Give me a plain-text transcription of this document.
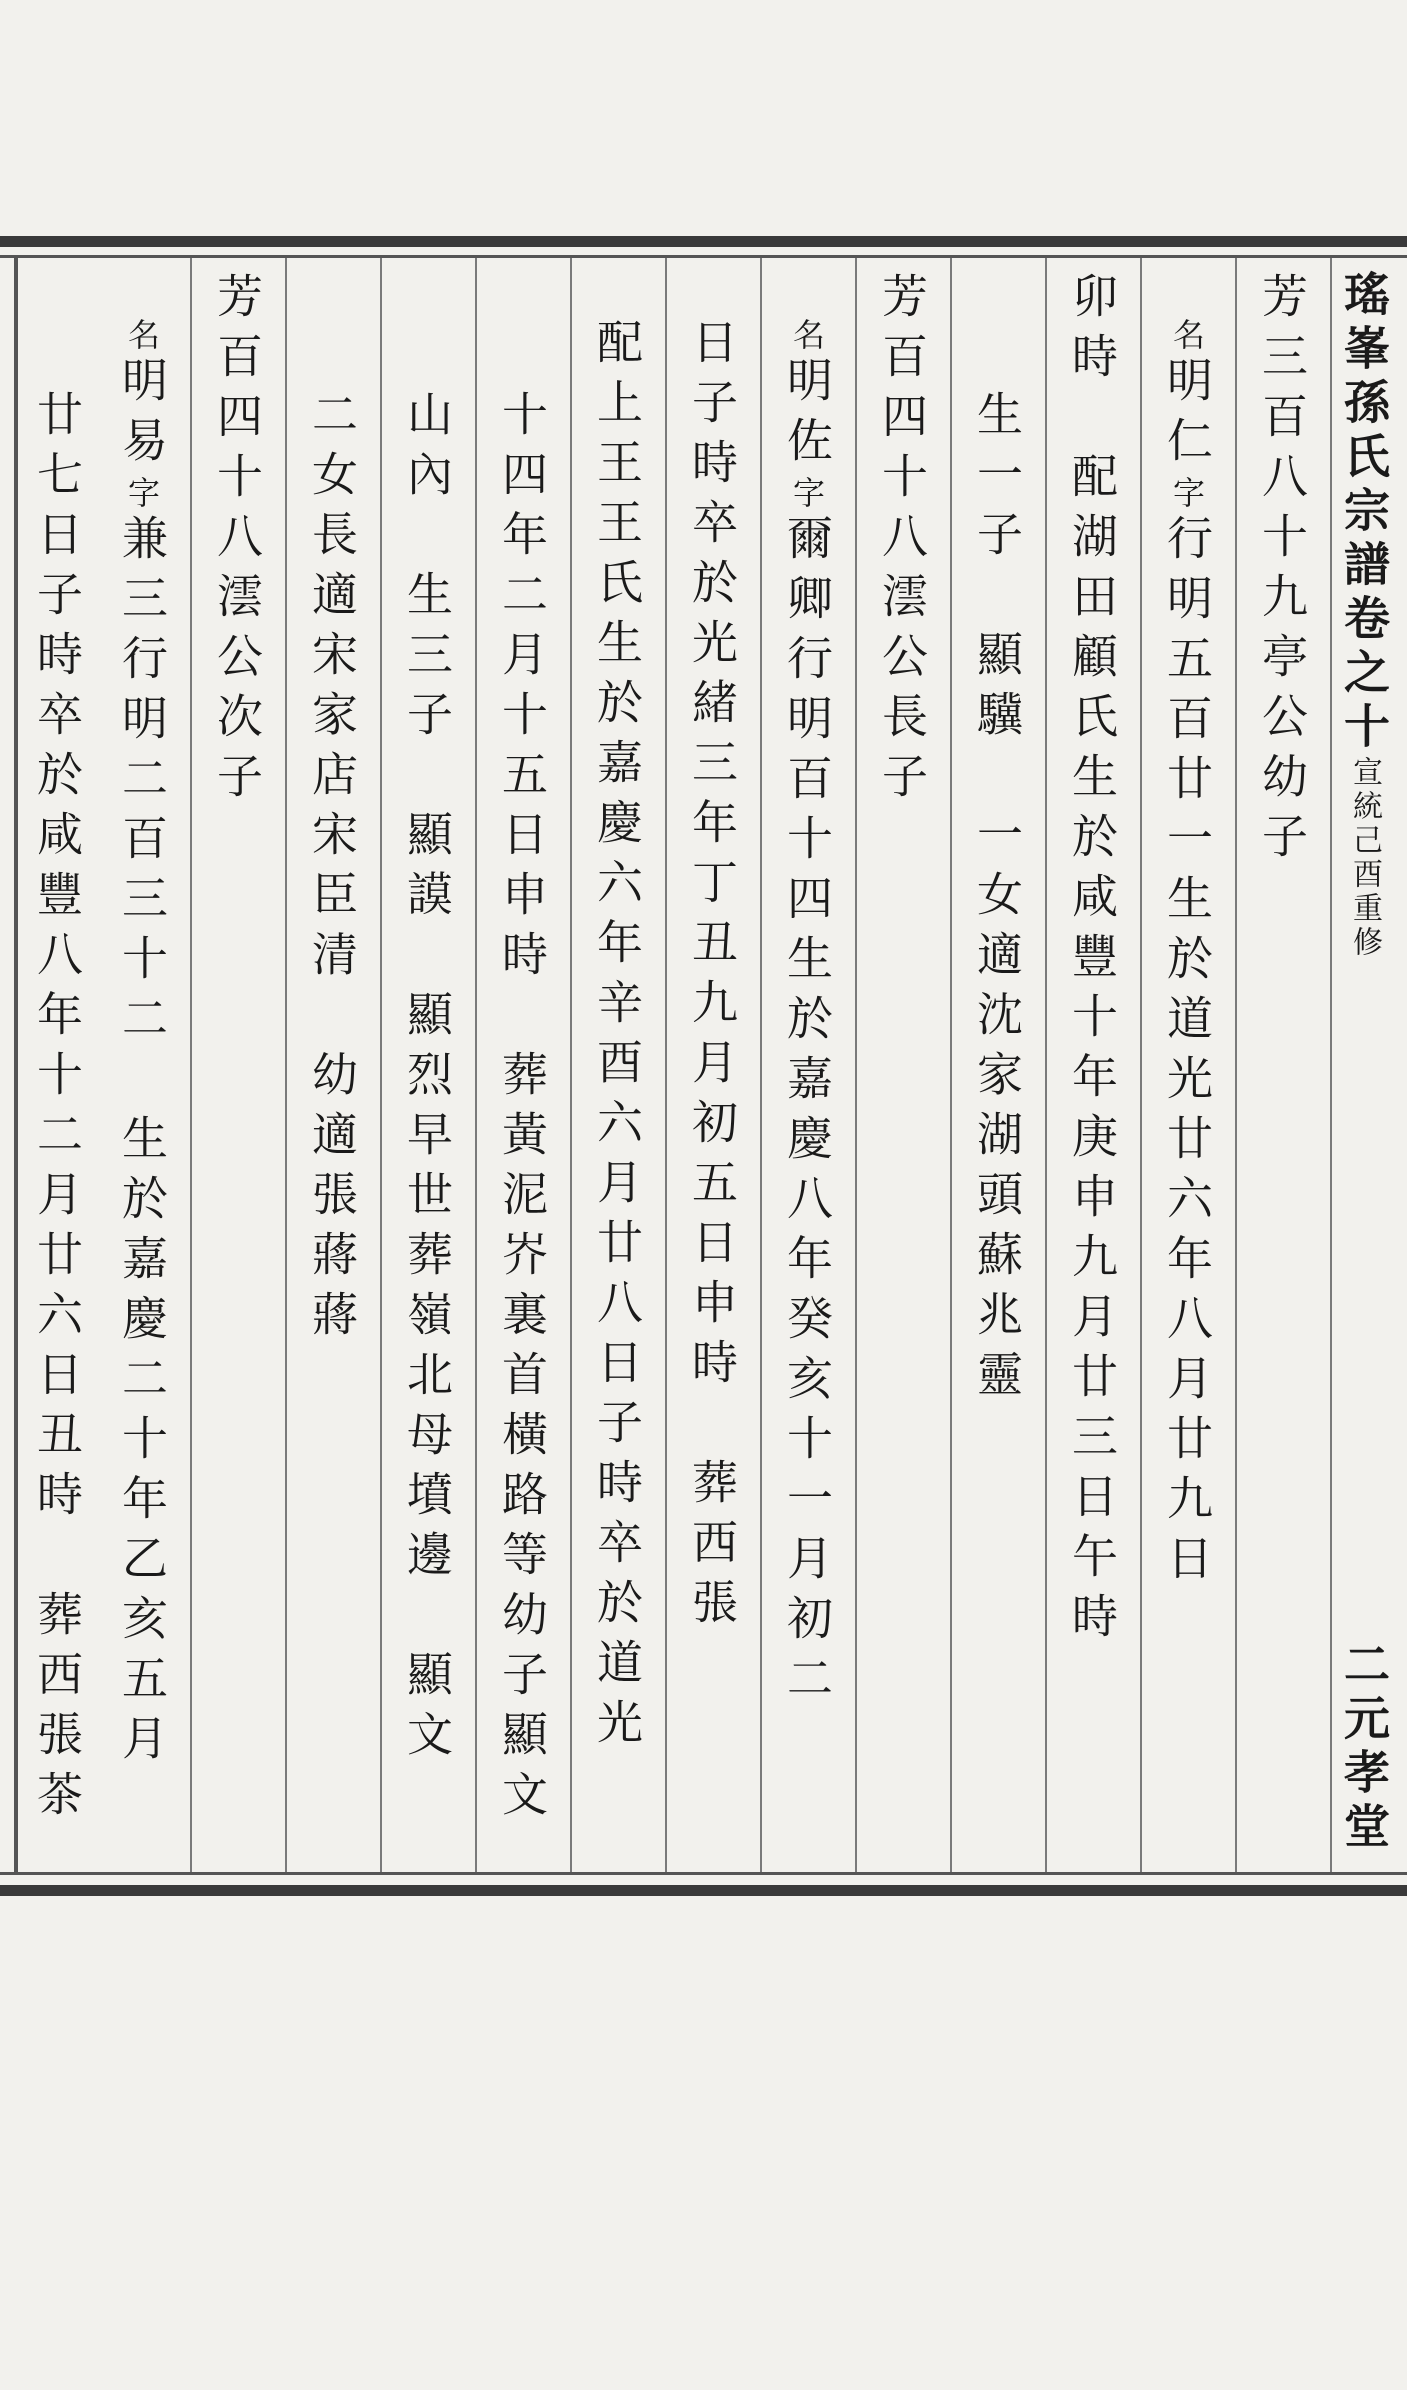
瑤峯孫氏宗譜卷之十宣統己酉重修
二元孝堂
芳三百八十九亭公幼子
名明仁字行明五百廿一生於道光廿六年八月廿九日
卯時　配湖田顧氏生於咸豐十年庚申九月廿三日午時
生一子　顯驥　一女適沈家湖頭蘇兆靈
芳百四十八澐公長子
名明佐字爾卿行明百十四生於嘉慶八年癸亥十一月初二
日子時卒於光緒三年丁丑九月初五日申時　葬西張
配上王王氏生於嘉慶六年辛酉六月廿八日子時卒於道光
十四年二月十五日申時　葬黃泥岕裏首橫路等幼子顯文
山內　生三子　顯謨　顯烈早世葬嶺北母墳邊　顯文
二女長適宋家店宋臣清　幼適張蔣蔣
芳百四十八澐公次子
名明易字兼三行明二百三十二　生於嘉慶二十年乙亥五月
廿七日子時卒於咸豐八年十二月廿六日丑時　葬西張茶
